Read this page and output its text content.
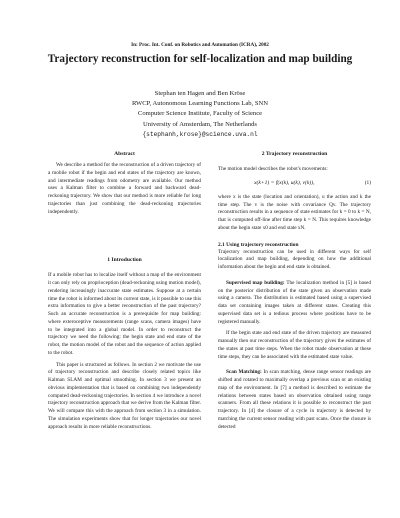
In: Proc. Int. Conf. on Robotics and Automation (ICRA), 2002
Trajectory reconstruction for self-localization and map building
Stephan ten Hagen and Ben Kröse
RWCP, Autonomous Learning Functions Lab, SNN
Computer Science Institute, Faculty of Science
University of Amsterdam, The Netherlands
{stephanh,krose}@science.uva.nl

Abstract

We describe a method for the reconstruction of a driven trajectory of a mobile robot if the begin and end states of the trajectory are known, and intermediate readings from odometry are available. Our method uses a Kalman filter to combine a forward and backward dead-reckoning trajectory. We show that our method is more reliable for long trajectories than just combining the dead-reckoning trajectories independently.

1 Introduction

If a mobile robot has to localize itself without a map of the environment it can only rely on proprioception (dead-reckoning using motion model), rendering increasingly inaccurate state estimates. Suppose at a certain time the robot is informed about its current state, is it possible to use this extra information to give a better reconstruction of the past trajectory? Such an accurate reconstruction is a prerequisite for map building: where exteroceptive measurements (range scans, camera images) have to be integrated into a global model. In order to reconstruct the trajectory we need the following: the begin state and end state of the robot, the motion model of the robot and the sequence of action applied to the robot.

This paper is structured as follows. In section 2 we motivate the use of trajectory reconstruction and describe closely related topics like Kalman SLAM and optimal smoothing. In section 3 we present an obvious implementation that is based on combining two independently computed dead-reckoning trajectories. In section 4 we introduce a novel trajectory reconstruction approach that we derive from the Kalman filter. We will compare this with the approach from section 3 in a simulation. The simulation experiments show that for longer trajectories our novel approach results in more reliable reconstructions.

2 Trajectory reconstruction

The motion model describes the robot's movements:

x(k+1) = f(x(k), u(k), v(k)),	(1)

where x is the state (location and orientation), u the action and k the time step. The v is the noise with covariance Qv. The trajectory reconstruction results in a sequence of state estimates for k = 0 to k = N, that is computed off-line after time step k = N. This requires knowledge about the begin state x0 and end state xN.

2.1 Using trajectory reconstruction

Trajectory reconstruction can be used in different ways for self localization and map building, depending on how the additional information about the begin and end state is obtained.

Supervised map building: The localization method in [5] is based on the posterior distribution of the state given an observation made using a camera. The distribution is estimated based using a supervised data set containing images taken at different states. Creating this supervised data set is a tedious process where positions have to be registered manually.

If the begin state and end state of the driven trajectory are measured manually then our reconstruction of the trajectory gives the estimates of the states at past time steps. When the robot made observation at these time steps, they can be associated with the estimated state value.

Scan Matching: In scan matching, dense range sensor readings are shifted and rotated to maximally overlap a previous scan or an existing map of the environment. In [7] a method is described to estimate the relations between states based on observation obtained using range scanners. From all these relations it is possible to reconstruct the past trajectory. In [4] the closure of a cycle in trajectory is detected by matching the current sensor reading with past scans. Once the closure is detected
